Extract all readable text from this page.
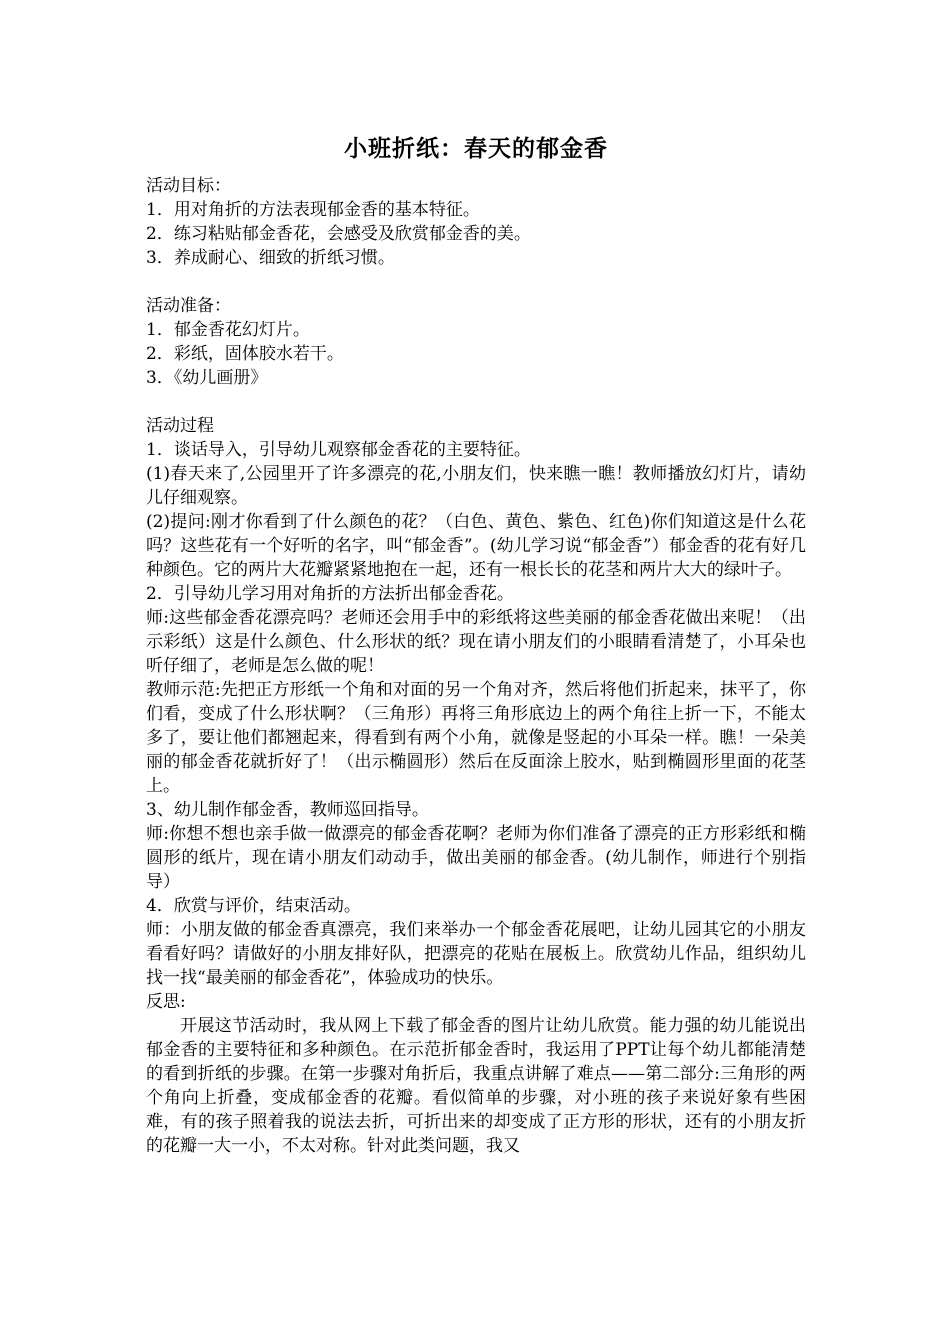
小班折纸：春天的郁金香

活动目标：

1．用对角折的方法表现郁金香的基本特征。

2．练习粘贴郁金香花，会感受及欣赏郁金香的美。

3．养成耐心、细致的折纸习惯。

活动准备：

1．郁金香花幻灯片。

2．彩纸，固体胶水若干。

3．《幼儿画册》

活动过程

1．谈话导入，引导幼儿观察郁金香花的主要特征。

(1)春天来了,公园里开了许多漂亮的花,小朋友们，快来瞧一瞧！教师播放幻灯片，请幼儿仔细观察。

(2)提问:刚才你看到了什么颜色的花？（白色、黄色、紫色、红色)你们知道这是什么花吗？这些花有一个好听的名字，叫“郁金香”。(幼儿学习说“郁金香”）郁金香的花有好几种颜色。它的两片大花瓣紧紧地抱在一起，还有一根长长的花茎和两片大大的绿叶子。

2．引导幼儿学习用对角折的方法折出郁金香花。

师:这些郁金香花漂亮吗？老师还会用手中的彩纸将这些美丽的郁金香花做出来呢！（出示彩纸）这是什么颜色、什么形状的纸？现在请小朋友们的小眼睛看清楚了，小耳朵也听仔细了，老师是怎么做的呢！

教师示范:先把正方形纸一个角和对面的另一个角对齐，然后将他们折起来，抹平了，你们看，变成了什么形状啊？（三角形）再将三角形底边上的两个角往上折一下，不能太多了，要让他们都翘起来，得看到有两个小角，就像是竖起的小耳朵一样。瞧！一朵美丽的郁金香花就折好了！（出示椭圆形）然后在反面涂上胶水，贴到椭圆形里面的花茎上。

3、幼儿制作郁金香，教师巡回指导。

师:你想不想也亲手做一做漂亮的郁金香花啊？老师为你们准备了漂亮的正方形彩纸和椭圆形的纸片，现在请小朋友们动动手，做出美丽的郁金香。(幼儿制作，师进行个别指导）

4．欣赏与评价，结束活动。

师：小朋友做的郁金香真漂亮，我们来举办一个郁金香花展吧，让幼儿园其它的小朋友看看好吗？请做好的小朋友排好队，把漂亮的花贴在展板上。欣赏幼儿作品，组织幼儿找一找“最美丽的郁金香花”，体验成功的快乐。

反思:

开展这节活动时，我从网上下载了郁金香的图片让幼儿欣赏。能力强的幼儿能说出郁金香的主要特征和多种颜色。在示范折郁金香时，我运用了PPT让每个幼儿都能清楚的看到折纸的步骤。在第一步骤对角折后，我重点讲解了难点——第二部分:三角形的两个角向上折叠，变成郁金香的花瓣。看似简单的步骤，对小班的孩子来说好象有些困难，有的孩子照着我的说法去折，可折出来的却变成了正方形的形状，还有的小朋友折的花瓣一大一小，不太对称。针对此类问题，我又
